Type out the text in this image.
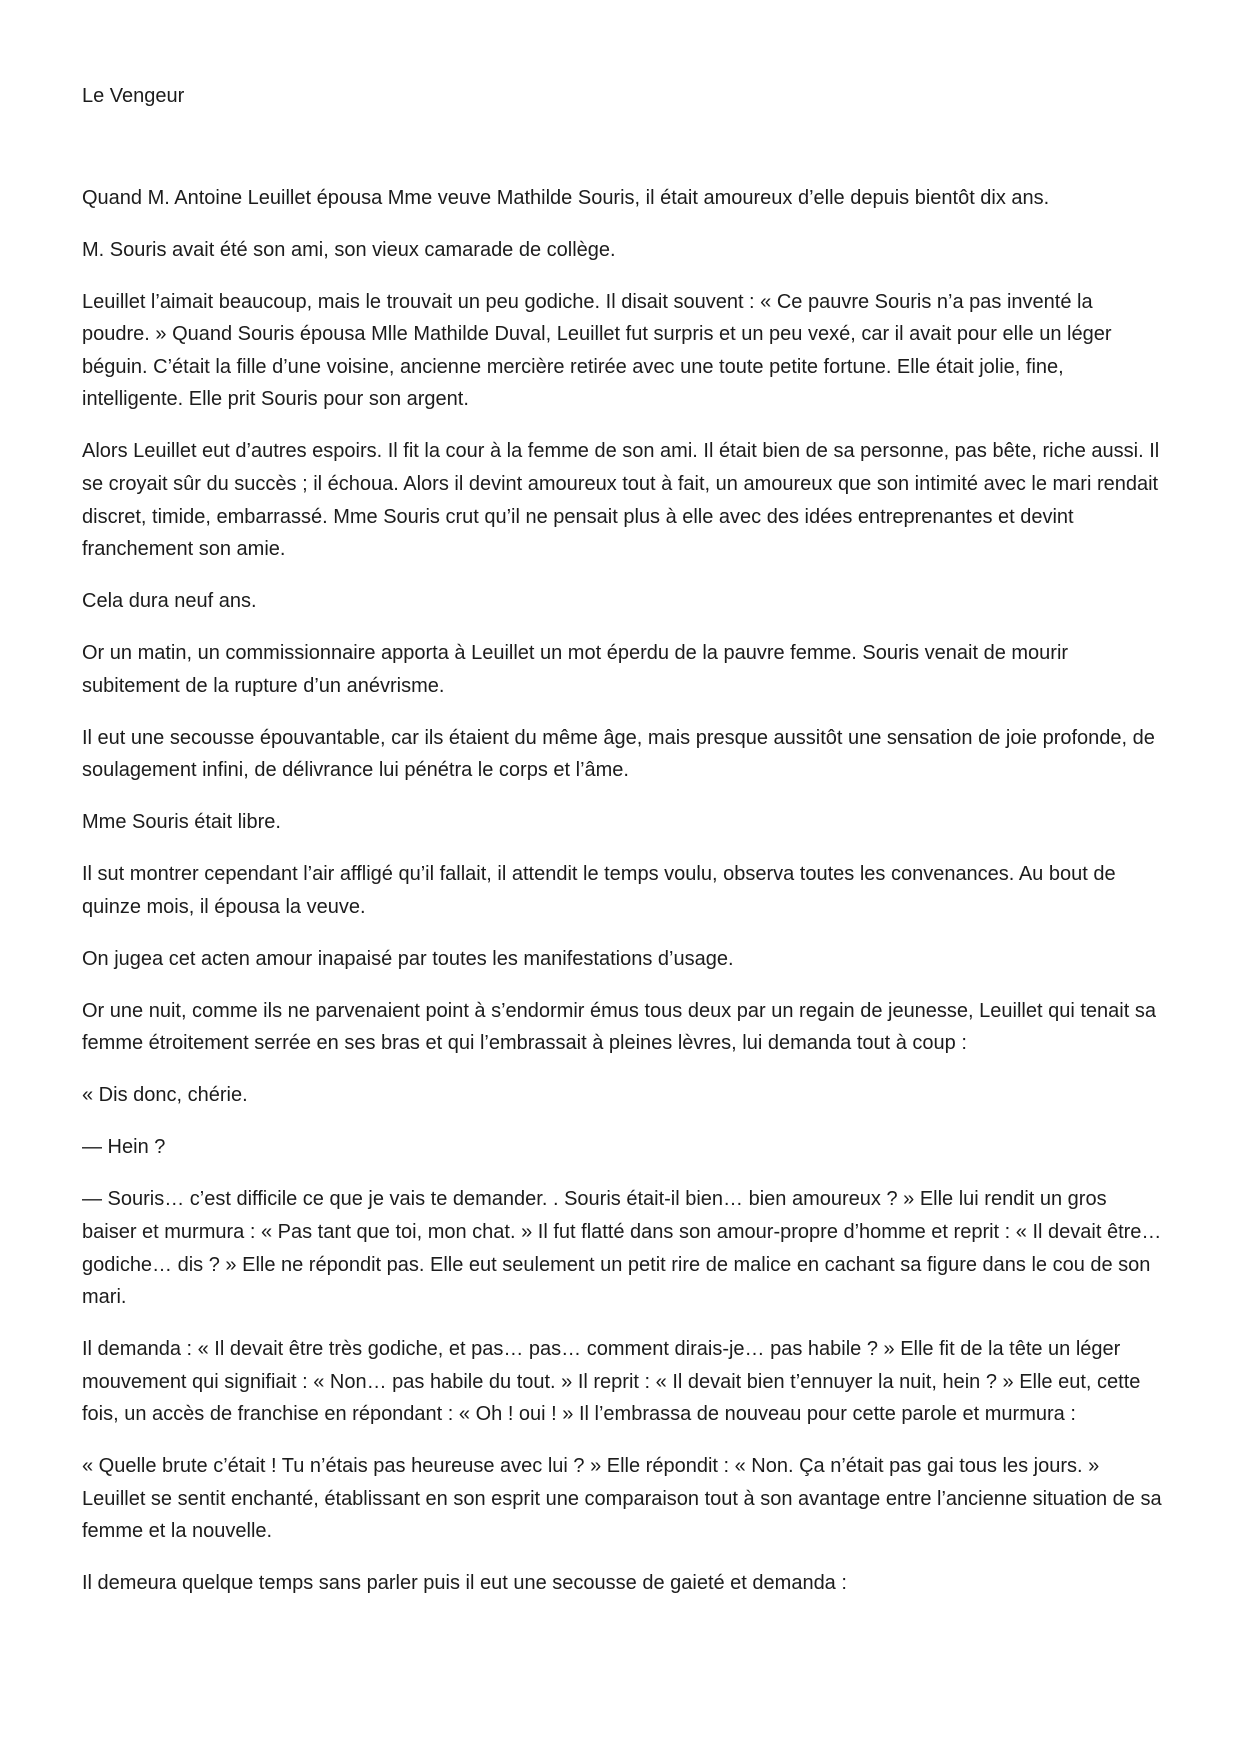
Le Vengeur

Quand M. Antoine Leuillet épousa Mme veuve Mathilde Souris, il était amoureux d’elle depuis bientôt dix ans.

M. Souris avait été son ami, son vieux camarade de collège.

Leuillet l’aimait beaucoup, mais le trouvait un peu godiche. Il disait souvent : « Ce pauvre Souris n’a pas inventé la poudre. » Quand Souris épousa Mlle Mathilde Duval, Leuillet fut surpris et un peu vexé, car il avait pour elle un léger béguin. C’était la fille d’une voisine, ancienne mercière retirée avec une toute petite fortune. Elle était jolie, fine, intelligente. Elle prit Souris pour son argent.

Alors Leuillet eut d’autres espoirs. Il fit la cour à la femme de son ami. Il était bien de sa personne, pas bête, riche aussi. Il se croyait sûr du succès ; il échoua. Alors il devint amoureux tout à fait, un amoureux que son intimité avec le mari rendait discret, timide, embarrassé. Mme Souris crut qu’il ne pensait plus à elle avec des idées entreprenantes et devint franchement son amie.

Cela dura neuf ans.

Or un matin, un commissionnaire apporta à Leuillet un mot éperdu de la pauvre femme. Souris venait de mourir subitement de la rupture d’un anévrisme.

Il eut une secousse épouvantable, car ils étaient du même âge, mais presque aussitôt une sensation de joie profonde, de soulagement infini, de délivrance lui pénétra le corps et l’âme.

Mme Souris était libre.

Il sut montrer cependant l’air affligé qu’il fallait, il attendit le temps voulu, observa toutes les convenances. Au bout de quinze mois, il épousa la veuve.

On jugea cet acten amour inapaisé par toutes les manifestations d’usage.

Or une nuit, comme ils ne parvenaient point à s’endormir émus tous deux par un regain de jeunesse, Leuillet qui tenait sa femme étroitement serrée en ses bras et qui l’embrassait à pleines lèvres, lui demanda tout à coup :

« Dis donc, chérie.

— Hein ?

— Souris… c’est difficile ce que je vais te demander. . Souris était-il bien… bien amoureux ? » Elle lui rendit un gros baiser et murmura : « Pas tant que toi, mon chat. » Il fut flatté dans son amour-propre d’homme et reprit : « Il devait être… godiche… dis ? » Elle ne répondit pas. Elle eut seulement un petit rire de malice en cachant sa figure dans le cou de son mari.

Il demanda : « Il devait être très godiche, et pas… pas… comment dirais-je… pas habile ? » Elle fit de la tête un léger mouvement qui signifiait : « Non… pas habile du tout. » Il reprit : « Il devait bien t’ennuyer la nuit, hein ? » Elle eut, cette fois, un accès de franchise en répondant : « Oh ! oui ! » Il l’embrassa de nouveau pour cette parole et murmura :

« Quelle brute c’était ! Tu n’étais pas heureuse avec lui ? » Elle répondit : « Non. Ça n’était pas gai tous les jours. » Leuillet se sentit enchanté, établissant en son esprit une comparaison tout à son avantage entre l’ancienne situation de sa femme et la nouvelle.

Il demeura quelque temps sans parler puis il eut une secousse de gaieté et demanda :
